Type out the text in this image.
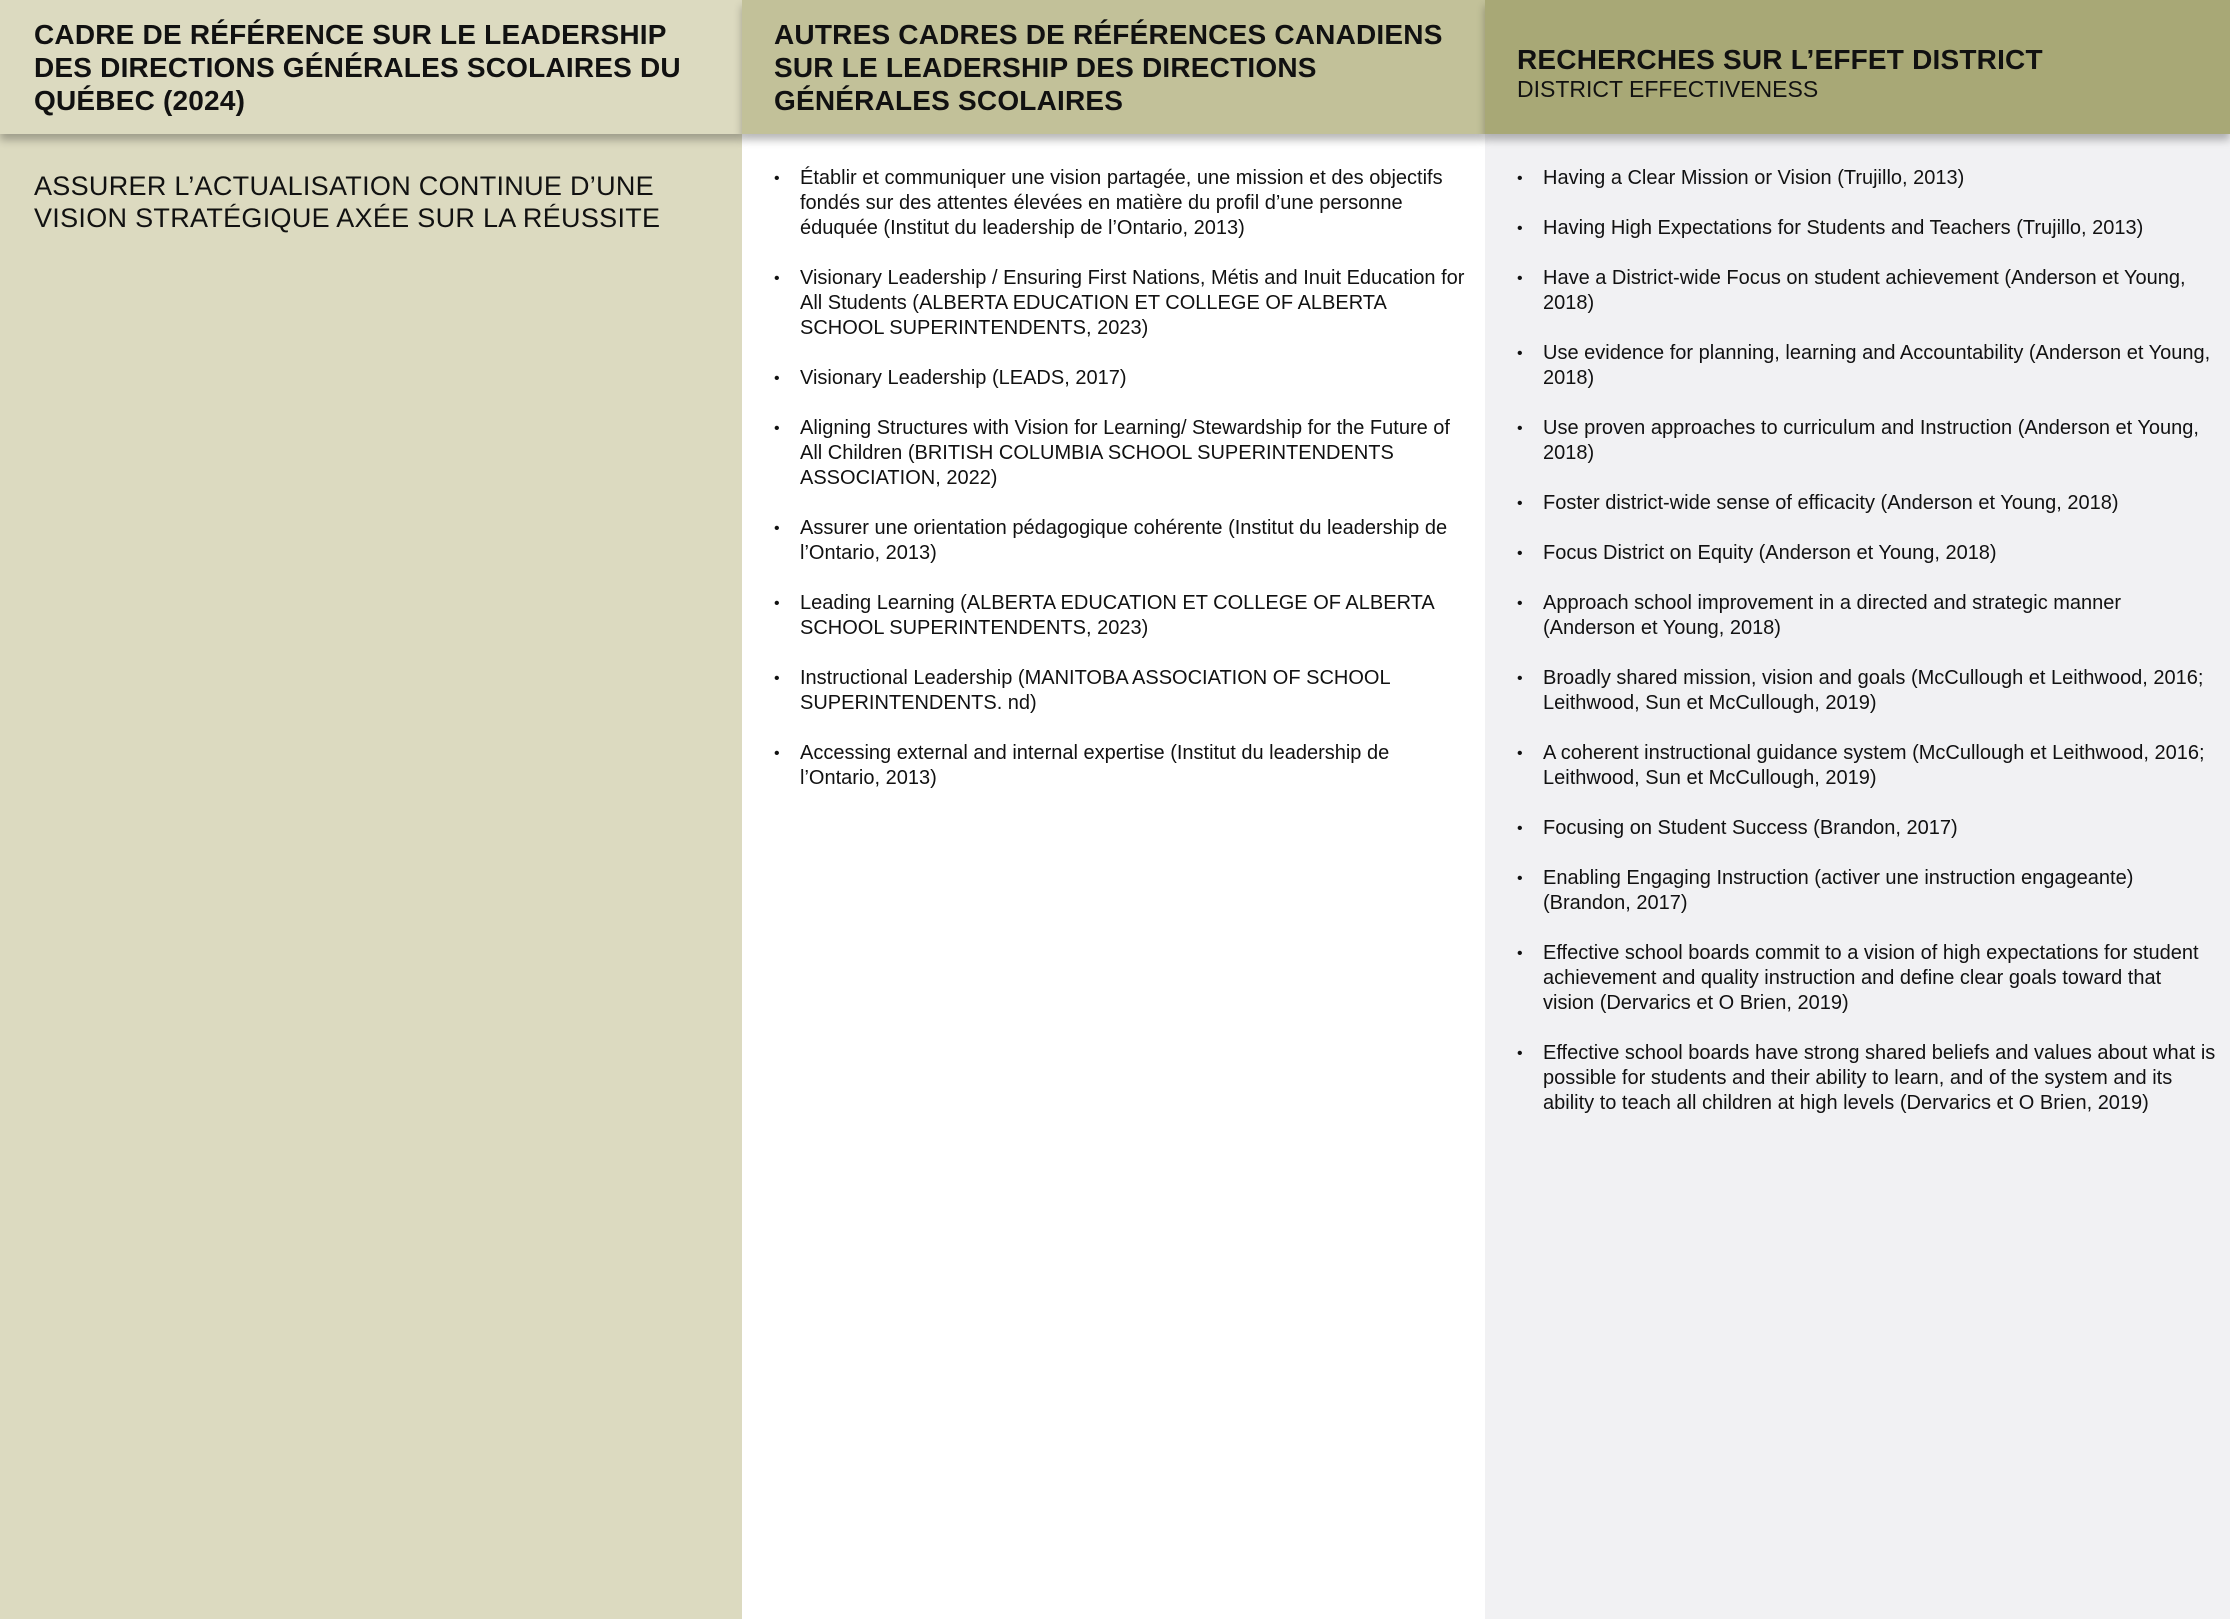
CADRE DE RÉFÉRENCE SUR LE LEADERSHIP DES DIRECTIONS GÉNÉRALES SCOLAIRES DU QUÉBEC (2024)
ASSURER L’ACTUALISATION CONTINUE D’UNE VISION STRATÉGIQUE AXÉE SUR LA RÉUSSITE
AUTRES CADRES DE RÉFÉRENCES CANADIENS SUR LE LEADERSHIP DES DIRECTIONS GÉNÉRALES SCOLAIRES
• Établir et communiquer une vision partagée, une mission et des objectifs fondés sur des attentes élevées en matière du profil d’une personne éduquée (Institut du leadership de l’Ontario, 2013)
• Visionary Leadership / Ensuring First Nations, Métis and Inuit Education for All Students (ALBERTA EDUCATION ET COLLEGE OF ALBERTA SCHOOL SUPERINTENDENTS, 2023)
• Visionary Leadership (LEADS, 2017)
• Aligning Structures with Vision for Learning/ Stewardship for the Future of All Children (BRITISH COLUMBIA SCHOOL SUPERINTENDENTS ASSOCIATION, 2022)
• Assurer une orientation pédagogique cohérente (Institut du leadership de l’Ontario, 2013)
• Leading Learning (ALBERTA EDUCATION ET COLLEGE OF ALBERTA SCHOOL SUPERINTENDENTS, 2023)
• Instructional Leadership (MANITOBA ASSOCIATION OF SCHOOL SUPERINTENDENTS. nd)
• Accessing external and internal expertise (Institut du leadership de l’Ontario, 2013)
RECHERCHES SUR L’EFFET DISTRICT
DISTRICT EFFECTIVENESS
• Having a Clear Mission or Vision (Trujillo, 2013)
• Having High Expectations for Students and Teachers (Trujillo, 2013)
• Have a District-wide Focus on student achievement (Anderson et Young, 2018)
• Use evidence for planning, learning and Accountability (Anderson et Young, 2018)
• Use proven approaches to curriculum and Instruction (Anderson et Young, 2018)
• Foster district-wide sense of efficacity (Anderson et Young, 2018)
• Focus District on Equity (Anderson et Young, 2018)
• Approach school improvement in a directed and strategic manner (Anderson et Young, 2018)
• Broadly shared mission, vision and goals (McCullough et Leithwood, 2016; Leithwood, Sun et McCullough, 2019)
• A coherent instructional guidance system (McCullough et Leithwood, 2016; Leithwood, Sun et McCullough, 2019)
• Focusing on Student Success (Brandon, 2017)
• Enabling Engaging Instruction (activer une instruction engageante) (Brandon, 2017)
• Effective school boards commit to a vision of high expectations for student achievement and quality instruction and define clear goals toward that vision (Dervarics et O Brien, 2019)
• Effective school boards have strong shared beliefs and values about what is possible for students and their ability to learn, and of the system and its ability to teach all children at high levels (Dervarics et O Brien, 2019)
